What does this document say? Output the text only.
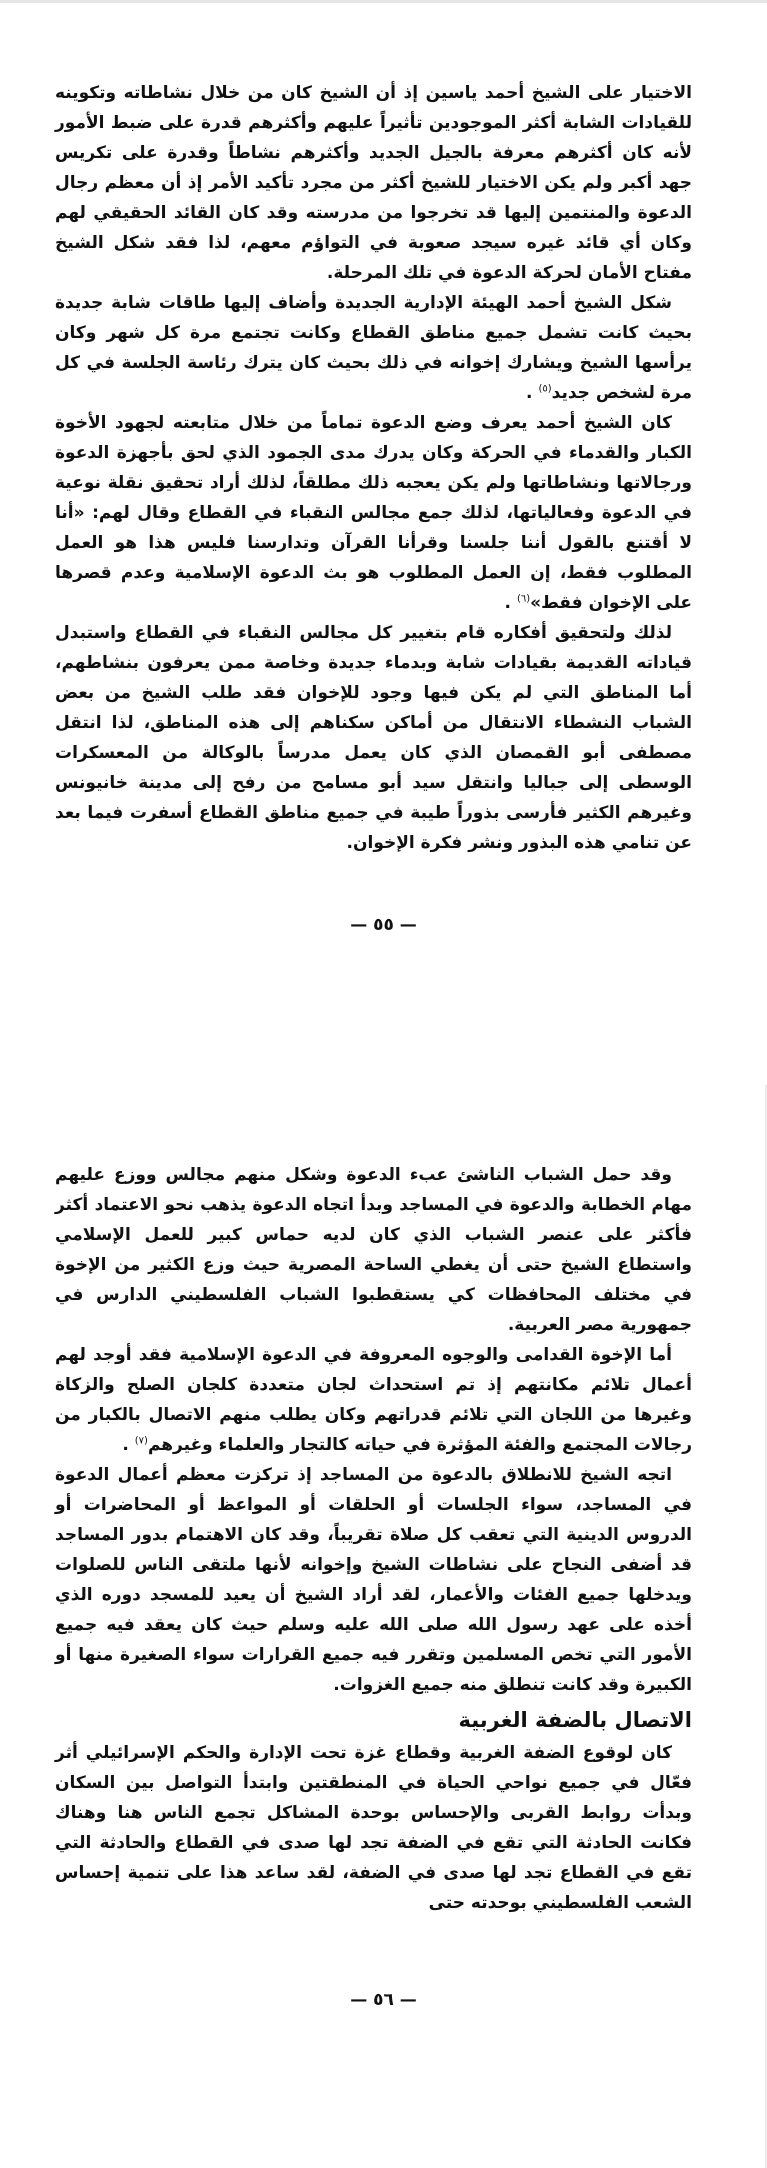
الاختيار على الشيخ أحمد ياسين إذ أن الشيخ كان من خلال نشاطاته وتكوينه للقيادات الشابة أكثر الموجودين تأثيراً عليهم وأكثرهم قدرة على ضبط الأمور لأنه كان أكثرهم معرفة بالجيل الجديد وأكثرهم نشاطاً وقدرة على تكريس جهد أكبر ولم يكن الاختيار للشيخ أكثر من مجرد تأكيد الأمر إذ أن معظم رجال الدعوة والمنتمين إليها قد تخرجوا من مدرسته وقد كان القائد الحقيقي لهم وكان أي قائد غيره سيجد صعوبة في التواؤم معهم، لذا فقد شكل الشيخ مفتاح الأمان لحركة الدعوة في تلك المرحلة.

شكل الشيخ أحمد الهيئة الإدارية الجديدة وأضاف إليها طاقات شابة جديدة بحيث كانت تشمل جميع مناطق القطاع وكانت تجتمع مرة كل شهر وكان يرأسها الشيخ ويشارك إخوانه في ذلك بحيث كان يترك رئاسة الجلسة في كل مرة لشخص جديد$^{(٥)}$ .

كان الشيخ أحمد يعرف وضع الدعوة تماماً من خلال متابعته لجهود الأخوة الكبار والقدماء في الحركة وكان يدرك مدى الجمود الذي لحق بأجهزة الدعوة ورجالاتها ونشاطاتها ولم يكن يعجبه ذلك مطلقاً، لذلك أراد تحقيق نقلة نوعية في الدعوة وفعالياتها، لذلك جمع مجالس النقباء في القطاع وقال لهم: «أنا لا أقتنع بالقول أننا جلسنا وقرأنا القرآن وتدارسنا فليس هذا هو العمل المطلوب فقط، إن العمل المطلوب هو بث الدعوة الإسلامية وعدم قصرها على الإخوان فقط»$^{(٦)}$ .

لذلك ولتحقيق أفكاره قام بتغيير كل مجالس النقباء في القطاع واستبدل قياداته القديمة بقيادات شابة وبدماء جديدة وخاصة ممن يعرفون بنشاطهم، أما المناطق التي لم يكن فيها وجود للإخوان فقد طلب الشيخ من بعض الشباب النشطاء الانتقال من أماكن سكناهم إلى هذه المناطق، لذا انتقل مصطفى أبو القمصان الذي كان يعمل مدرساً بالوكالة من المعسكرات الوسطى إلى جباليا وانتقل سيد أبو مسامح من رفح إلى مدينة خانيونس وغيرهم الكثير فأرسى بذوراً طيبة في جميع مناطق القطاع أسفرت فيما بعد عن تنامي هذه البذور ونشر فكرة الإخوان.

— ٥٥ —

وقد حمل الشباب الناشئ عبء الدعوة وشكل منهم مجالس ووزع عليهم مهام الخطابة والدعوة في المساجد وبدأ اتجاه الدعوة يذهب نحو الاعتماد أكثر فأكثر على عنصر الشباب الذي كان لديه حماس كبير للعمل الإسلامي واستطاع الشيخ حتى أن يغطي الساحة المصرية حيث وزع الكثير من الإخوة في مختلف المحافظات كي يستقطبوا الشباب الفلسطيني الدارس في جمهورية مصر العربية.

أما الإخوة القدامى والوجوه المعروفة في الدعوة الإسلامية فقد أوجد لهم أعمال تلائم مكانتهم إذ تم استحداث لجان متعددة كلجان الصلح والزكاة وغيرها من اللجان التي تلائم قدراتهم وكان يطلب منهم الاتصال بالكبار من رجالات المجتمع والفئة المؤثرة في حياته كالتجار والعلماء وغيرهم$^{(٧)}$ .

اتجه الشيخ للانطلاق بالدعوة من المساجد إذ تركزت معظم أعمال الدعوة في المساجد، سواء الجلسات أو الحلقات أو المواعظ أو المحاضرات أو الدروس الدينية التي تعقب كل صلاة تقريباً، وقد كان الاهتمام بدور المساجد قد أضفى النجاح على نشاطات الشيخ وإخوانه لأنها ملتقى الناس للصلوات ويدخلها جميع الفئات والأعمار، لقد أراد الشيخ أن يعيد للمسجد دوره الذي أخذه على عهد رسول الله صلى الله عليه وسلم حيث كان يعقد فيه جميع الأمور التي تخص المسلمين وتقرر فيه جميع القرارات سواء الصغيرة منها أو الكبيرة وقد كانت تنطلق منه جميع الغزوات.

الاتصال بالضفة الغربية

كان لوقوع الضفة الغربية وقطاع غزة تحت الإدارة والحكم الإسرائيلي أثر فعّال في جميع نواحي الحياة في المنطقتين وابتدأ التواصل بين السكان وبدأت روابط القربى والإحساس بوحدة المشاكل تجمع الناس هنا وهناك فكانت الحادثة التي تقع في الضفة تجد لها صدى في القطاع والحادثة التي تقع في القطاع تجد لها صدى في الضفة، لقد ساعد هذا على تنمية إحساس الشعب الفلسطيني بوحدته حتى

— ٥٦ —
